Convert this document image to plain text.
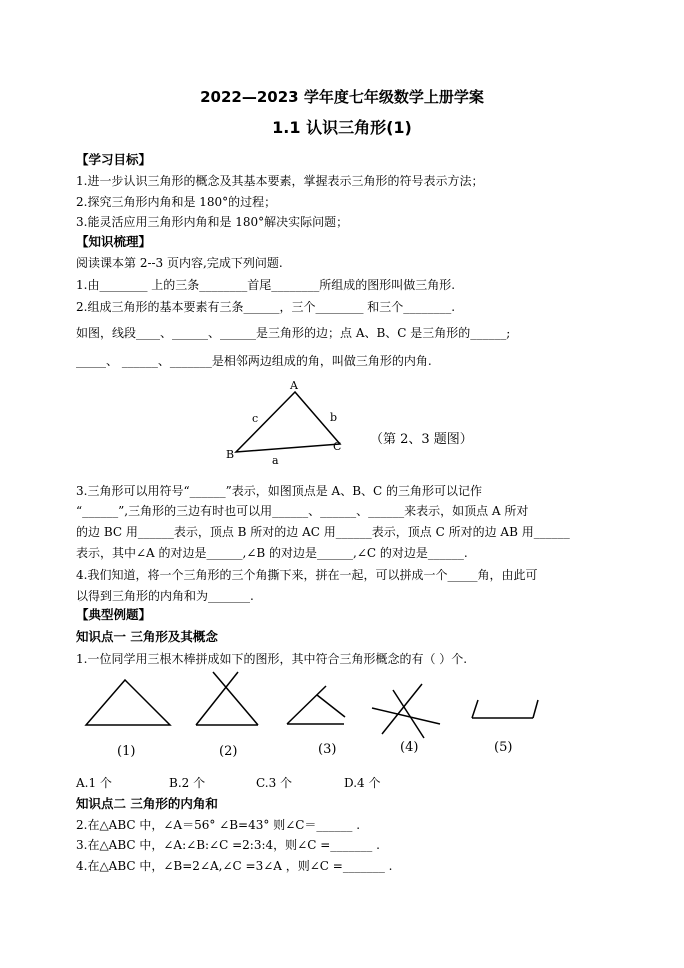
2022—2023 学年度七年级数学上册学案
1.1 认识三角形(1)
【学习目标】
1.进一步认识三角形的概念及其基本要素，掌握表示三角形的符号表示方法；
2.探究三角形内角和是 180°的过程；
3.能灵活应用三角形内角和是 180°解决实际问题；
【知识梳理】
阅读课本第 2--3 页内容,完成下列问题.
1.由________ 上的三条________首尾________所组成的图形叫做三角形.
2.组成三角形的基本要素有三条______，三个________ 和三个________.
如图，线段____、______、______是三角形的边；点 A、B、C 是三角形的______;
_____、 ______、_______是相邻两边组成的角，叫做三角形的内角.
A
B
C
c	b
a
（第 2、3 题图）
3.三角形可以用符号“______”表示，如图顶点是 A、B、C 的三角形可以记作
“______”,三角形的三边有时也可以用______、______、______来表示，如顶点 A 所对
的边 BC 用______表示，顶点 B 所对的边 AC 用______表示，顶点 C 所对的边 AB 用______
表示，其中∠A 的对边是______,∠B 的对边是______,∠C 的对边是______.
4.我们知道，将一个三角形的三个角撕下来，拼在一起，可以拼成一个_____角，由此可
以得到三角形的内角和为_______.
【典型例题】
知识点一 三角形及其概念
1.一位同学用三根木棒拼成如下的图形，其中符合三角形概念的有（ ）个.
(1)	(2)	(3)	(4)	(5)
A.1 个	B.2 个	C.3 个	D.4 个
知识点二 三角形的内角和
2.在△ABC 中，∠A＝56° ∠B=43° 则∠C＝______ .
3.在△ABC 中，∠A:∠B:∠C =2:3:4，则∠C =_______ .
4.在△ABC 中，∠B=2∠A,∠C =3∠A ，则∠C =_______ .
